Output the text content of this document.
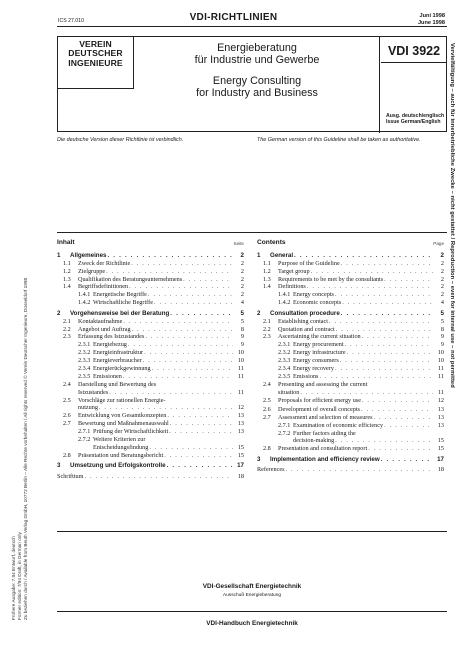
ICS 27.010	VDI-RICHTLINIEN	Juni 1998
June 1998
VEREIN
DEUTSCHER
INGENIEURE
Energieberatung
für Industrie und Gewerbe
Energy Consulting
for Industry and Business
VDI 3922
Ausg. deutsch/englisch
Issue German/English
Die deutsche Version dieser Richtlinie ist verbindlich.	The German version of this Guideline shall be taken as authoritative.
Frühere Ausgabe: 7.94 Entwurf, deutsch Former edition: 7/94 Draft, in German only Zu beziehen durch / Available from Beuth Verlag GmbH, 10772 Berlin – Alle Rechte vorbehalten / All rights reserved © Verein Deutscher Ingenieure, Düsseldorf 1998
Vervielfältigung – auch für innerbetriebliche Zwecke – nicht gestattet / Reproduction – even for internal use – not permitted
Inhalt	Seite
1	Allgemeines . . .	2
1.1	Zweck der Richtlinie . . .	2
1.2	Zielgruppe . . .	2
1.3	Qualifikation des Beratungsunternehmens . . .	2
1.4	Begriffsdefinitionen . . .	2
1.4.1 Energetische Begriffe . . .	2
1.4.2 Wirtschaftliche Begriffe . . .	4
2	Vorgehensweise bei der Beratung . . .	5
2.1	Kontaktaufnahme . . .	5
2.2	Angebot und Auftrag . . .	8
2.3	Erfassung des Istzustandes . . .	9
2.3.1 Energiebezug . . .	9
2.3.2 Energieinfrastruktur . . .	10
2.3.3 Energieverbraucher . . .	10
2.3.4 Energierückgewinnung . . .	11
2.3.5 Emissionen . . .	11
2.4	Darstellung und Bewertung des
Istzustandes . . .	11
2.5	Vorschläge zur rationellen Energie-
nutzung . . .	12
2.6	Entwicklung von Gesamtkonzepten . . .	13
2.7	Bewertung und Maßnahmenauswahl . . .	13
2.7.1 Prüfung der Wirtschaftlichkeit . . .	13
2.7.2 Weitere Kriterien zur
Entscheidungsfindung . . .	15
2.8	Präsentation und Beratungsbericht . . .	15
3	Umsetzung und Erfolgskontrolle . . .	17
Schrifttum . . .	18
Contents	Page
1	General . . .	2
1.1	Purpose of the Guideline . . .	2
1.2	Target group . . .	2
1.3	Requirements to be met by the consultants . . .	2
1.4	Definitions . . .	2
1.4.1 Energy concepts . . .	2
1.4.2 Economic concepts . . .	4
2	Consultation procedure . . .	5
2.1	Establishing contact . . .	5
2.2	Quotation and contract . . .	8
2.3	Ascertaining the current situation . . .	9
2.3.1 Energy procurement . . .	9
2.3.2 Energy infrastructure . . .	10
2.3.3 Energy consumers . . .	10
2.3.4 Energy recovery . . .	11
2.3.5 Emissions . . .	11
2.4	Presenting and assessing the current
situation . . .	11
2.5	Proposals for efficient energy use . . .	12
2.6	Development of overall concepts . . .	13
2.7	Assessment and selection of measures . . .	13
2.7.1 Examination of economic efficiency . . .	13
2.7.2 Further factors aiding the
decision-making . . .	15
2.8	Presentation and consultation report . . .	15
3	Implementation and efficiency review . . .	17
References . . .	18
VDI-Gesellschaft Energietechnik
Ausschuß Energieberatung
VDI-Handbuch Energietechnik
